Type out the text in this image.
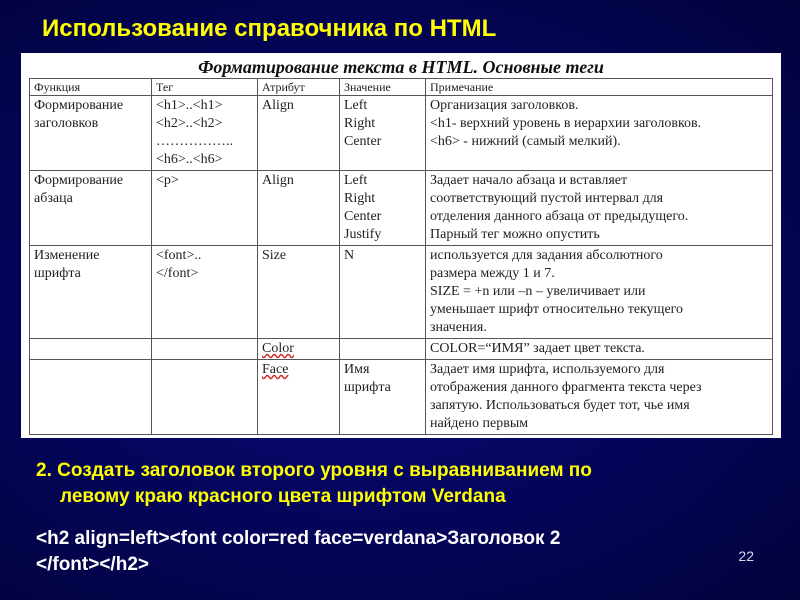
Использование справочника по HTML
Форматирование текста в HTML. Основные теги
Функция	Тег	Атрибут	Значение	Примечание

Формирование
заголовков	<h1>..<h1>
<h2>..<h2>
……………..
<h6>..<h6>	Align	Left
Right
Center	Организация заголовков.
<h1- верхний уровень в иерархии заголовков.
<h6> - нижний (самый мелкий).

Формирование
абзаца	<p>	Align	Left
Right
Center
Justify	Задает начало абзаца и вставляет
соответствующий пустой интервал для
отделения данного абзаца от предыдущего.
Парный тег можно опустить

Изменение
шрифта	<font>..
</font>	Size	N	используется для задания абсолютного
размера между 1 и 7.
SIZE = +n или –n – увеличивает или
уменьшает шрифт относительно текущего
значения.

		Color		COLOR=“ИМЯ” задает цвет текста.

		Face	Имя
шрифта	Задает имя шрифта, используемого для
отображения данного фрагмента текста через
запятую. Использоваться будет тот, чье имя
найдено первым
2. Создать заголовок второго уровня с выравниванием по
левому краю красного цвета шрифтом Verdana
<h2 align=left><font color=red face=verdana>Заголовок 2
</font></h2>	22
